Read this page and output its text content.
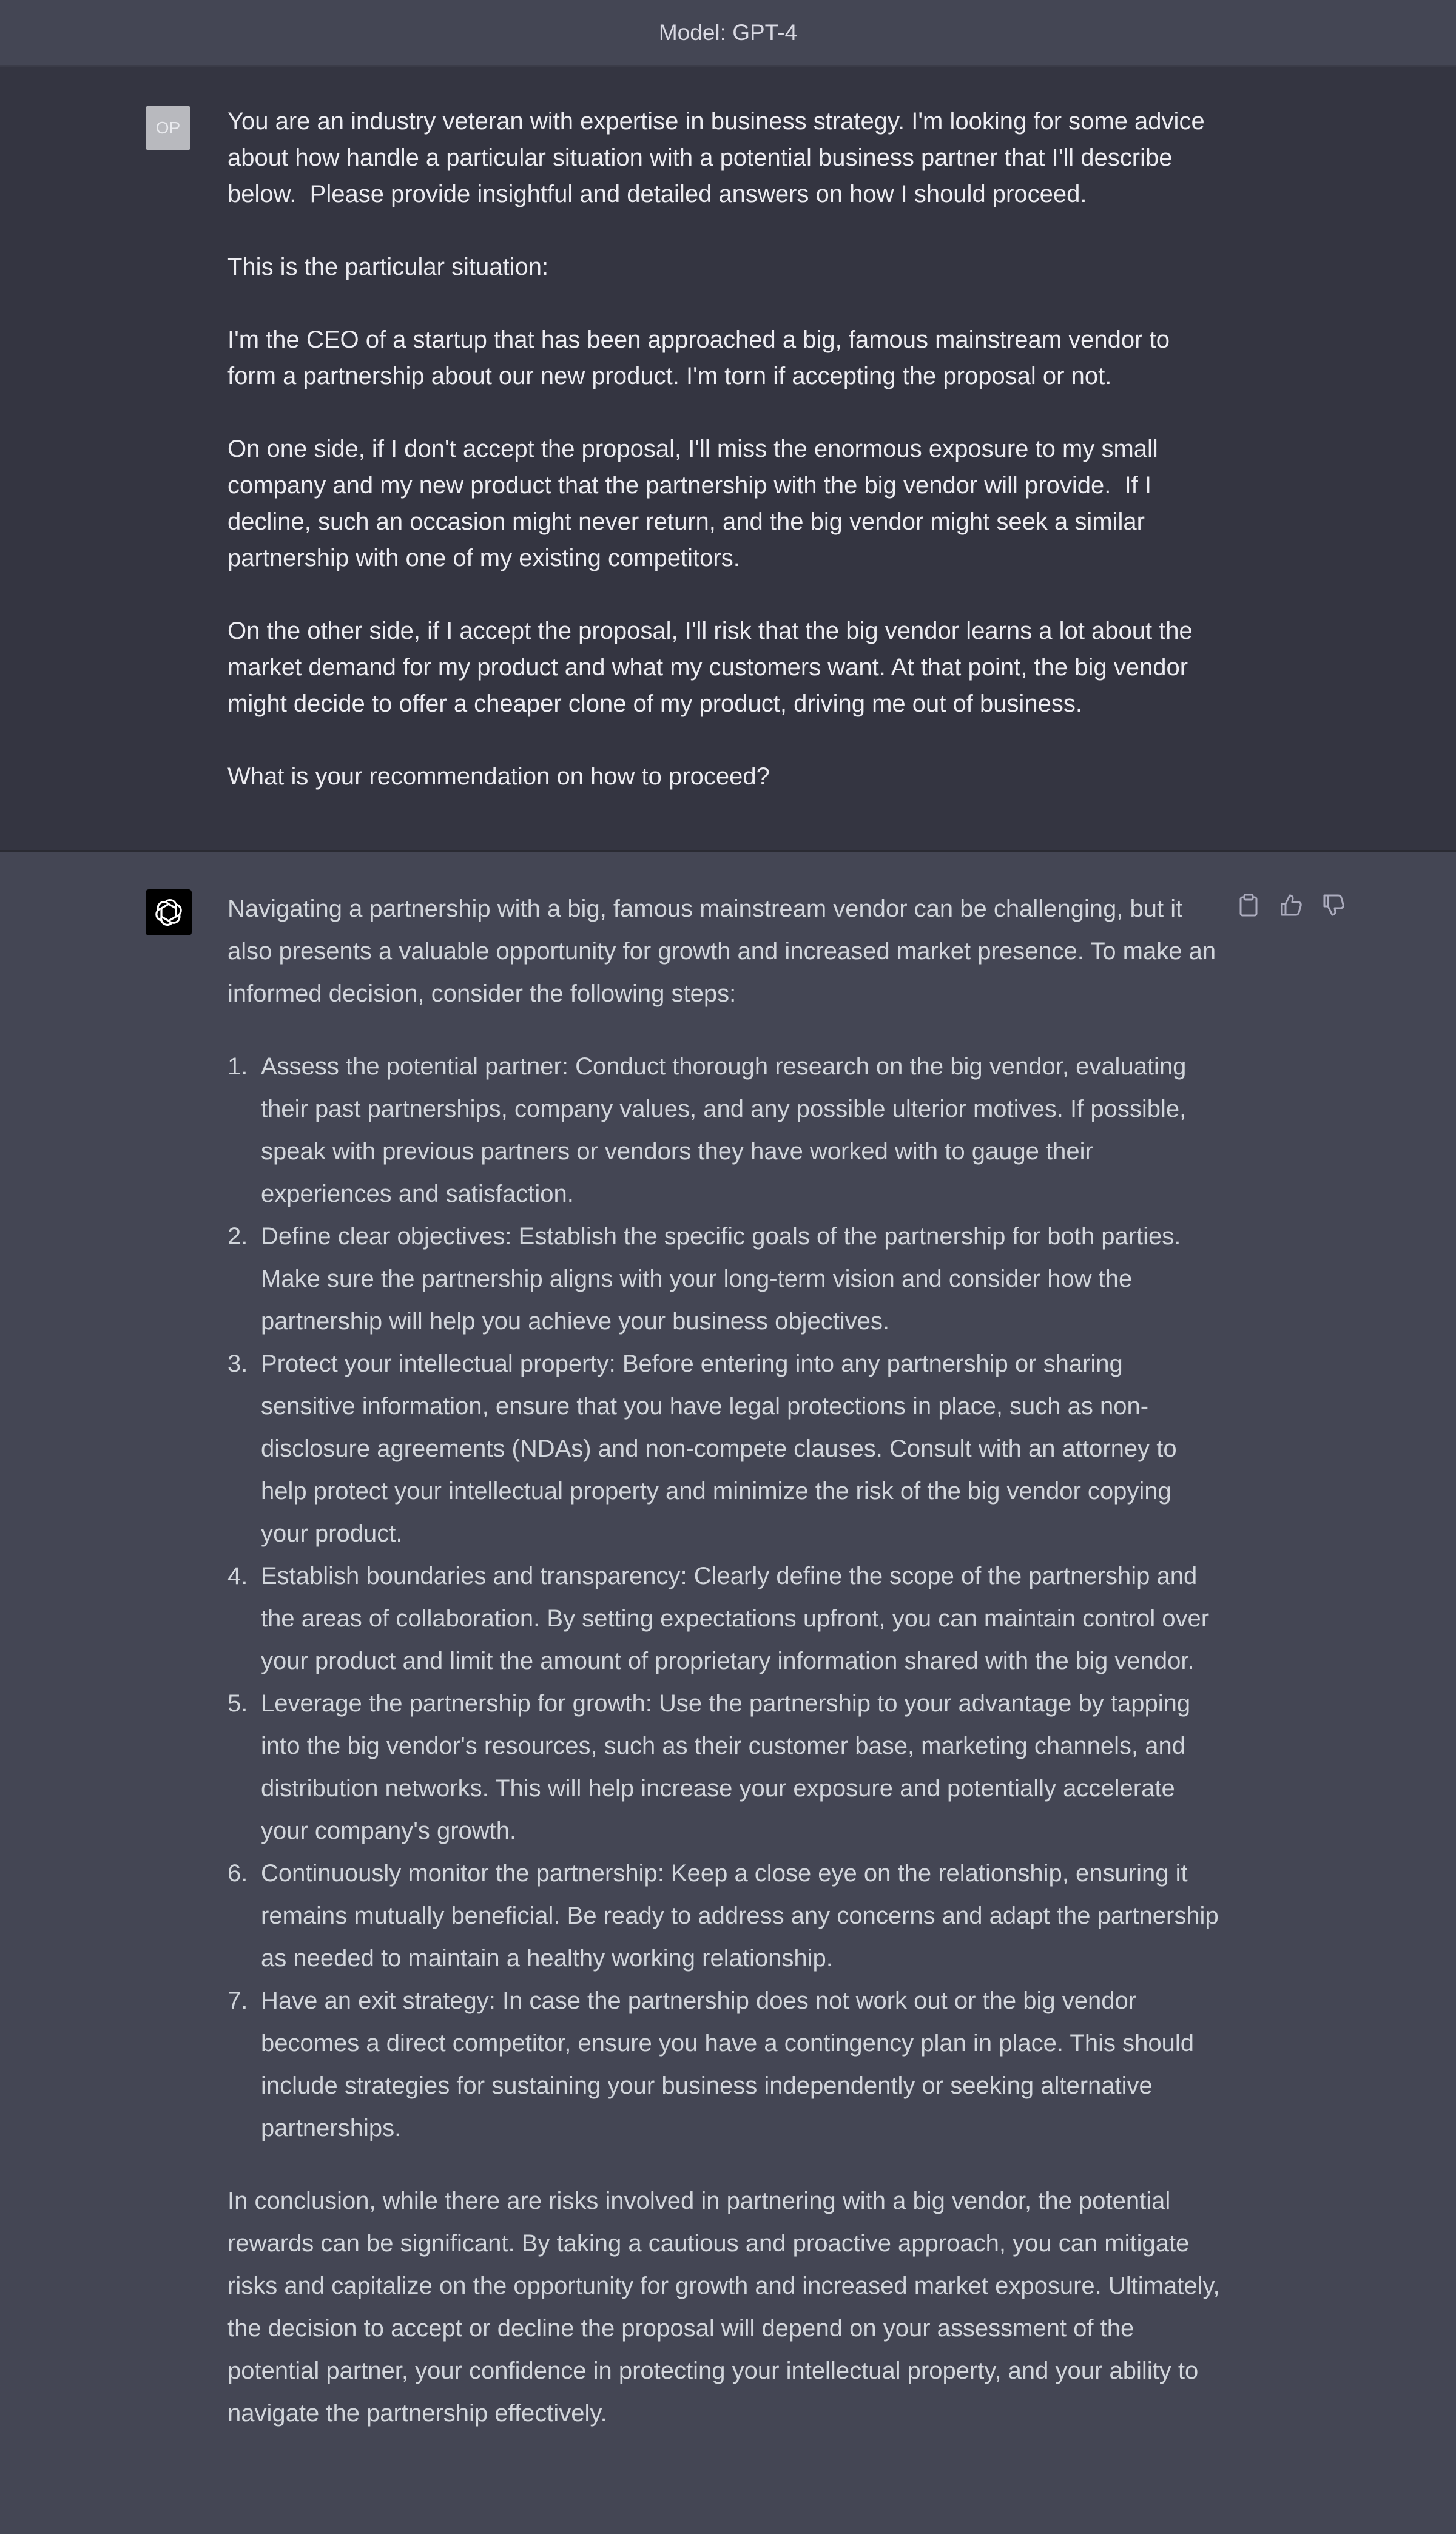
Model: GPT-4
OP You are an industry veteran with expertise in business strategy. I'm looking for some advice about how handle a particular situation with a potential business partner that I'll describe below.  Please provide insightful and detailed answers on how I should proceed.

This is the particular situation:

I'm the CEO of a startup that has been approached a big, famous mainstream vendor to form a partnership about our new product. I'm torn if accepting the proposal or not.

On one side, if I don't accept the proposal, I'll miss the enormous exposure to my small company and my new product that the partnership with the big vendor will provide.  If I decline, such an occasion might never return, and the big vendor might seek a similar partnership with one of my existing competitors.

On the other side, if I accept the proposal, I'll risk that the big vendor learns a lot about the market demand for my product and what my customers want. At that point, the big vendor might decide to offer a cheaper clone of my product, driving me out of business.

What is your recommendation on how to proceed?

Navigating a partnership with a big, famous mainstream vendor can be challenging, but it also presents a valuable opportunity for growth and increased market presence. To make an informed decision, consider the following steps:

1. Assess the potential partner: Conduct thorough research on the big vendor, evaluating their past partnerships, company values, and any possible ulterior motives. If possible, speak with previous partners or vendors they have worked with to gauge their experiences and satisfaction.
2. Define clear objectives: Establish the specific goals of the partnership for both parties. Make sure the partnership aligns with your long-term vision and consider how the partnership will help you achieve your business objectives.
3. Protect your intellectual property: Before entering into any partnership or sharing sensitive information, ensure that you have legal protections in place, such as non-disclosure agreements (NDAs) and non-compete clauses. Consult with an attorney to help protect your intellectual property and minimize the risk of the big vendor copying your product.
4. Establish boundaries and transparency: Clearly define the scope of the partnership and the areas of collaboration. By setting expectations upfront, you can maintain control over your product and limit the amount of proprietary information shared with the big vendor.
5. Leverage the partnership for growth: Use the partnership to your advantage by tapping into the big vendor's resources, such as their customer base, marketing channels, and distribution networks. This will help increase your exposure and potentially accelerate your company's growth.
6. Continuously monitor the partnership: Keep a close eye on the relationship, ensuring it remains mutually beneficial. Be ready to address any concerns and adapt the partnership as needed to maintain a healthy working relationship.
7. Have an exit strategy: In case the partnership does not work out or the big vendor becomes a direct competitor, ensure you have a contingency plan in place. This should include strategies for sustaining your business independently or seeking alternative partnerships.

In conclusion, while there are risks involved in partnering with a big vendor, the potential rewards can be significant. By taking a cautious and proactive approach, you can mitigate risks and capitalize on the opportunity for growth and increased market exposure. Ultimately, the decision to accept or decline the proposal will depend on your assessment of the potential partner, your confidence in protecting your intellectual property, and your ability to navigate the partnership effectively.
